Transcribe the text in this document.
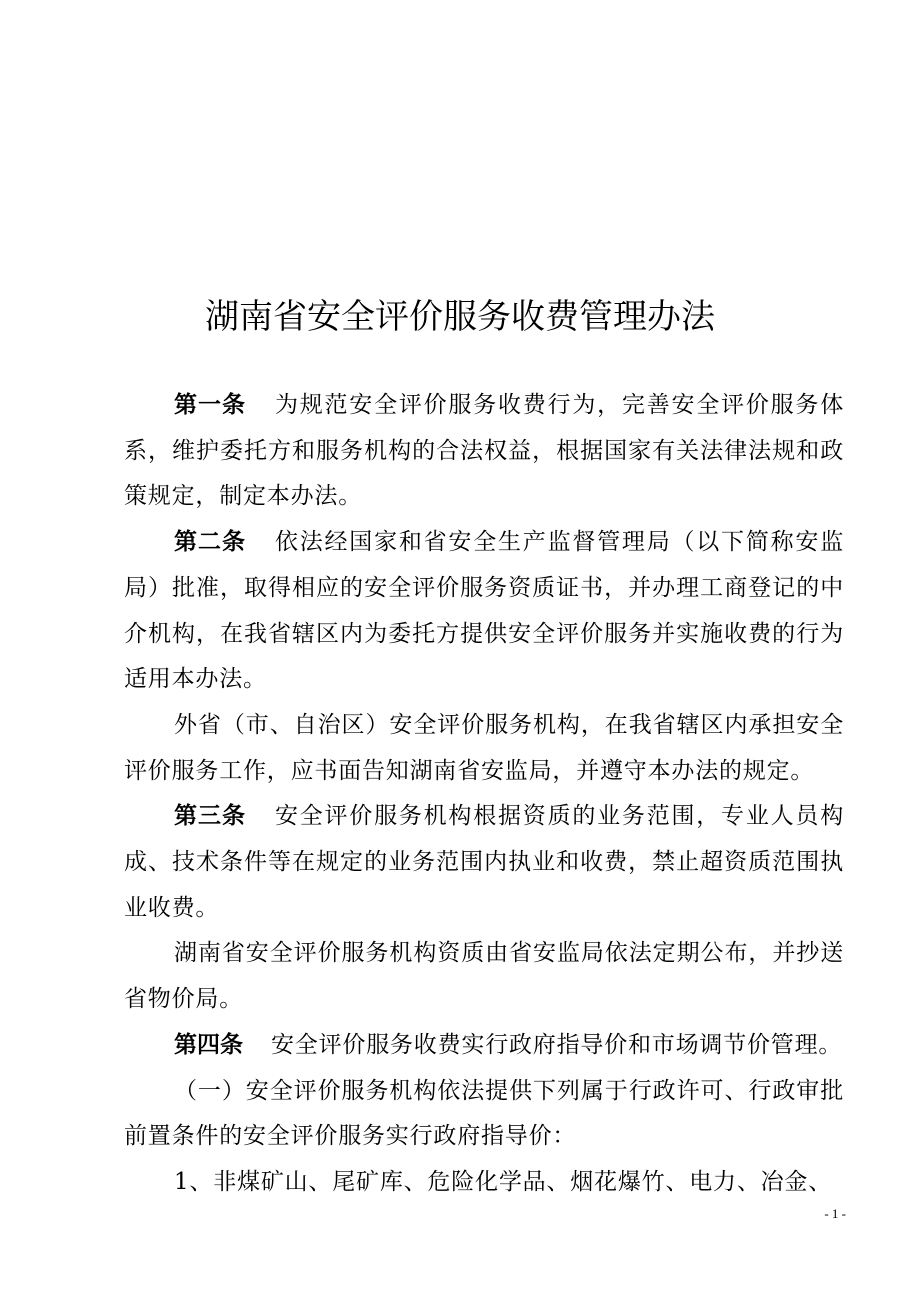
湖南省安全评价服务收费管理办法

第一条 为规范安全评价服务收费行为，完善安全评价服务体系，维护委托方和服务机构的合法权益，根据国家有关法律法规和政策规定，制定本办法。

第二条 依法经国家和省安全生产监督管理局（以下简称安监局）批准，取得相应的安全评价服务资质证书，并办理工商登记的中介机构，在我省辖区内为委托方提供安全评价服务并实施收费的行为适用本办法。

外省（市、自治区）安全评价服务机构，在我省辖区内承担安全评价服务工作，应书面告知湖南省安监局，并遵守本办法的规定。

第三条 安全评价服务机构根据资质的业务范围，专业人员构成、技术条件等在规定的业务范围内执业和收费，禁止超资质范围执业收费。

湖南省安全评价服务机构资质由省安监局依法定期公布，并抄送省物价局。

第四条 安全评价服务收费实行政府指导价和市场调节价管理。

（一）安全评价服务机构依法提供下列属于行政许可、行政审批前置条件的安全评价服务实行政府指导价：

1、非煤矿山、尾矿库、危险化学品、烟花爆竹、电力、冶金、

- 1 -
